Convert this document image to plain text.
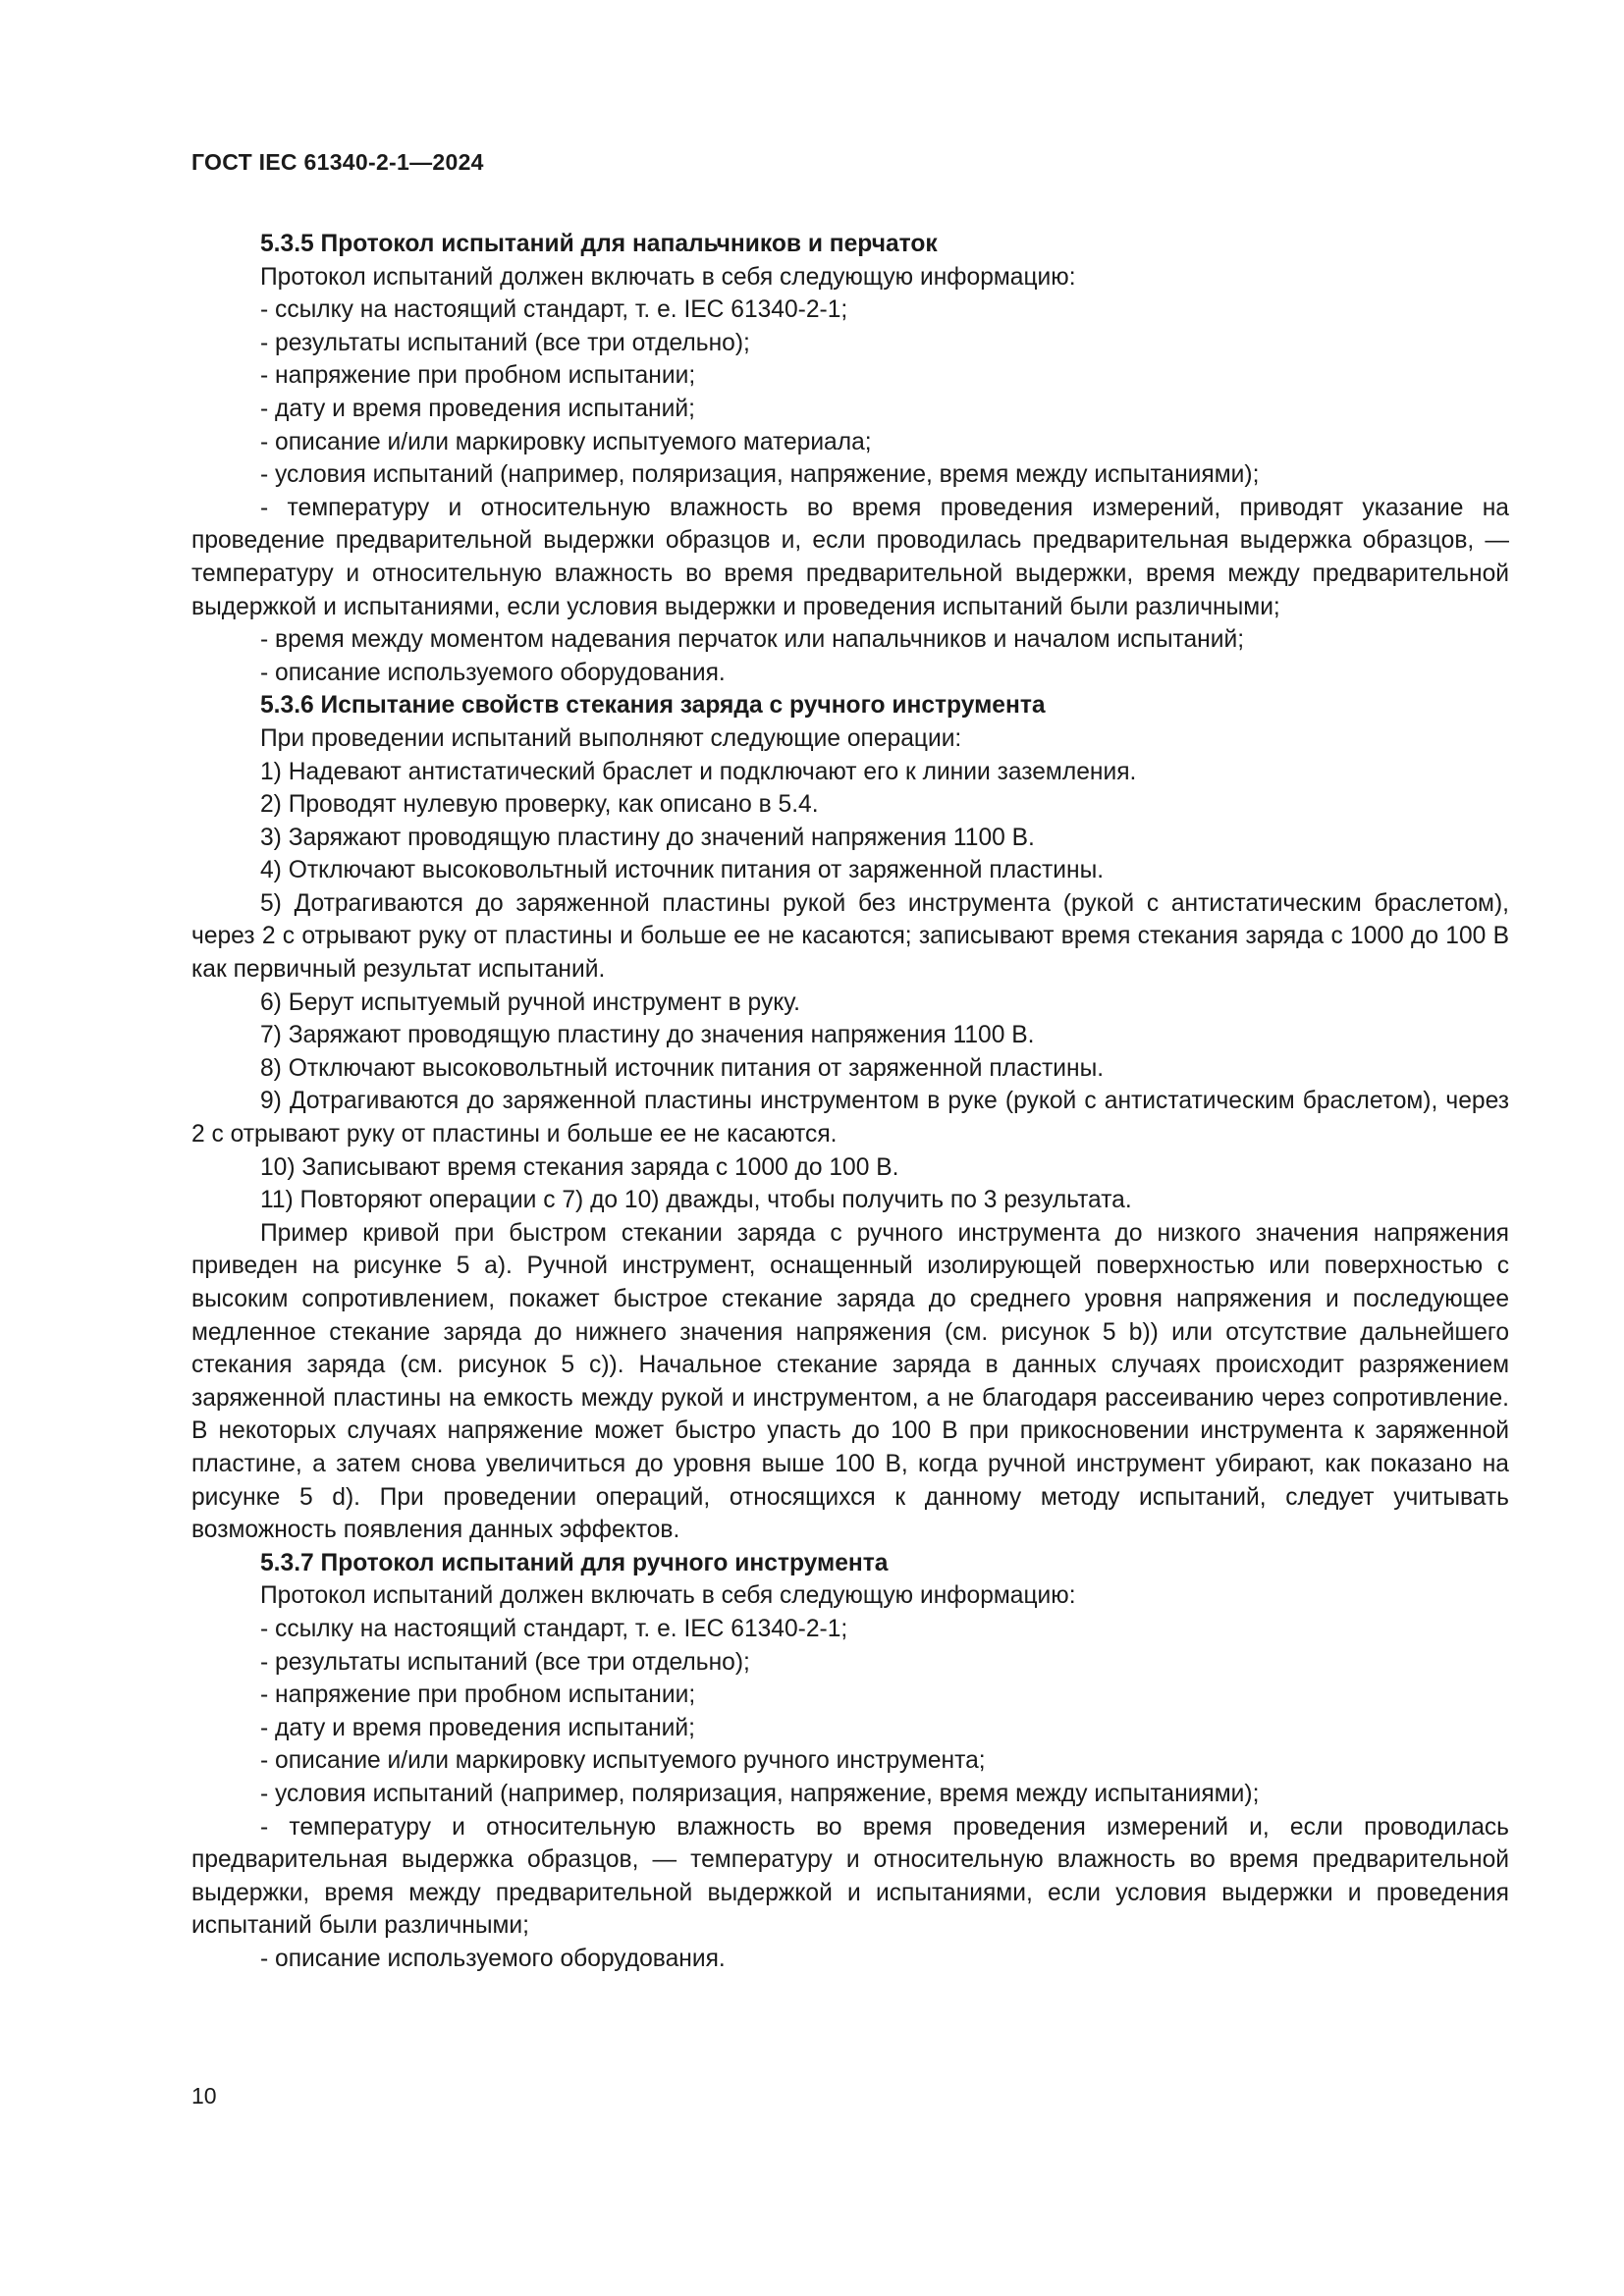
ГОСТ IEC 61340-2-1—2024

5.3.5 Протокол испытаний для напальчников и перчаток

Протокол испытаний должен включать в себя следующую информацию:

- ссылку на настоящий стандарт, т. е. IEC 61340-2-1;

- результаты испытаний (все три отдельно);

- напряжение при пробном испытании;

- дату и время проведения испытаний;

- описание и/или маркировку испытуемого материала;

- условия испытаний (например, поляризация, напряжение, время между испытаниями);

- температуру и относительную влажность во время проведения измерений, приводят указание на проведение предварительной выдержки образцов и, если проводилась предварительная выдержка образцов, — температуру и относительную влажность во время предварительной выдержки, время между предварительной выдержкой и испытаниями, если условия выдержки и проведения испытаний были различными;

- время между моментом надевания перчаток или напальчников и началом испытаний;

- описание используемого оборудования.

5.3.6 Испытание свойств стекания заряда с ручного инструмента

При проведении испытаний выполняют следующие операции:

1) Надевают антистатический браслет и подключают его к линии заземления.

2) Проводят нулевую проверку, как описано в 5.4.

3) Заряжают проводящую пластину до значений напряжения 1100 В.

4) Отключают высоковольтный источник питания от заряженной пластины.

5) Дотрагиваются до заряженной пластины рукой без инструмента (рукой с антистатическим браслетом), через 2 с отрывают руку от пластины и больше ее не касаются; записывают время стекания заряда с 1000 до 100 В как первичный результат испытаний.

6) Берут испытуемый ручной инструмент в руку.

7) Заряжают проводящую пластину до значения напряжения 1100 В.

8) Отключают высоковольтный источник питания от заряженной пластины.

9) Дотрагиваются до заряженной пластины инструментом в руке (рукой с антистатическим браслетом), через 2 с отрывают руку от пластины и больше ее не касаются.

10) Записывают время стекания заряда с 1000 до 100 В.

11) Повторяют операции с 7) до 10) дважды, чтобы получить по 3 результата.

Пример кривой при быстром стекании заряда с ручного инструмента до низкого значения напряжения приведен на рисунке 5 а). Ручной инструмент, оснащенный изолирующей поверхностью или поверхностью с высоким сопротивлением, покажет быстрое стекание заряда до среднего уровня напряжения и последующее медленное стекание заряда до нижнего значения напряжения (см. рисунок 5 b)) или отсутствие дальнейшего стекания заряда (см. рисунок 5 с)). Начальное стекание заряда в данных случаях происходит разряжением заряженной пластины на емкость между рукой и инструментом, а не благодаря рассеиванию через сопротивление. В некоторых случаях напряжение может быстро упасть до 100 В при прикосновении инструмента к заряженной пластине, а затем снова увеличиться до уровня выше 100 В, когда ручной инструмент убирают, как показано на рисунке 5 d). При проведении операций, относящихся к данному методу испытаний, следует учитывать возможность появления данных эффектов.

5.3.7 Протокол испытаний для ручного инструмента

Протокол испытаний должен включать в себя следующую информацию:

- ссылку на настоящий стандарт, т. е. IEC 61340-2-1;

- результаты испытаний (все три отдельно);

- напряжение при пробном испытании;

- дату и время проведения испытаний;

- описание и/или маркировку испытуемого ручного инструмента;

- условия испытаний (например, поляризация, напряжение, время между испытаниями);

- температуру и относительную влажность во время проведения измерений и, если проводилась предварительная выдержка образцов, — температуру и относительную влажность во время предварительной выдержки, время между предварительной выдержкой и испытаниями, если условия выдержки и проведения испытаний были различными;

- описание используемого оборудования.

10
